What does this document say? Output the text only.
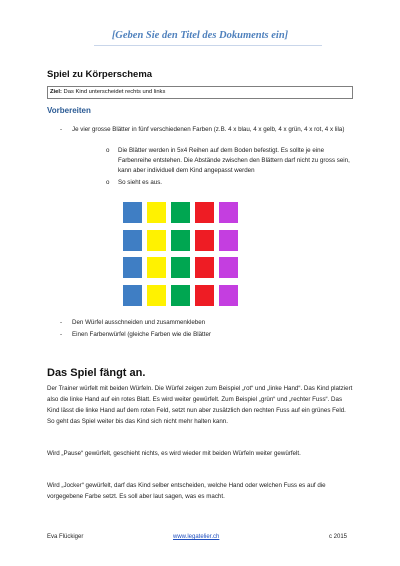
[Geben Sie den Titel des Dokuments ein]
Spiel zu Körperschema
Ziel: Das Kind unterscheidet rechts und links
Vorbereiten
- Je vier grosse Blätter in fünf verschiedenen Farben (z.B. 4 x blau, 4 x gelb, 4 x grün, 4 x rot, 4 x lila)
o Die Blätter werden in 5x4 Reihen auf dem Boden befestigt. Es sollte je eine Farbenreihe entstehen. Die Abstände zwischen den Blättern darf nicht zu gross sein, kann aber individuell dem Kind angepasst werden
o So sieht es aus.
- Den Würfel ausschneiden und zusammenkleben
- Einen Farbenwürfel (gleiche Farben wie die Blätter
Das Spiel fängt an.
Der Trainer würfelt mit beiden Würfeln. Die Würfel zeigen zum Beispiel „rot“ und „linke Hand“. Das Kind platziert also die linke Hand auf ein rotes Blatt. Es wird weiter gewürfelt. Zum Beispiel „grün“ und „rechter Fuss“. Das Kind lässt die linke Hand auf dem roten Feld, setzt nun aber zusätzlich den rechten Fuss auf ein grünes Feld. So geht das Spiel weiter bis das Kind sich nicht mehr halten kann.
Wird „Pause“ gewürfelt, geschieht nichts, es wird wieder mit beiden Würfeln weiter gewürfelt.
Wird „Jocker“ gewürfelt, darf das Kind selber entscheiden, welche Hand oder welchen Fuss es auf die vorgegebene Farbe setzt. Es soll aber laut sagen, was es macht.
Eva Flückiger	www.legatelier.ch	c 2015
